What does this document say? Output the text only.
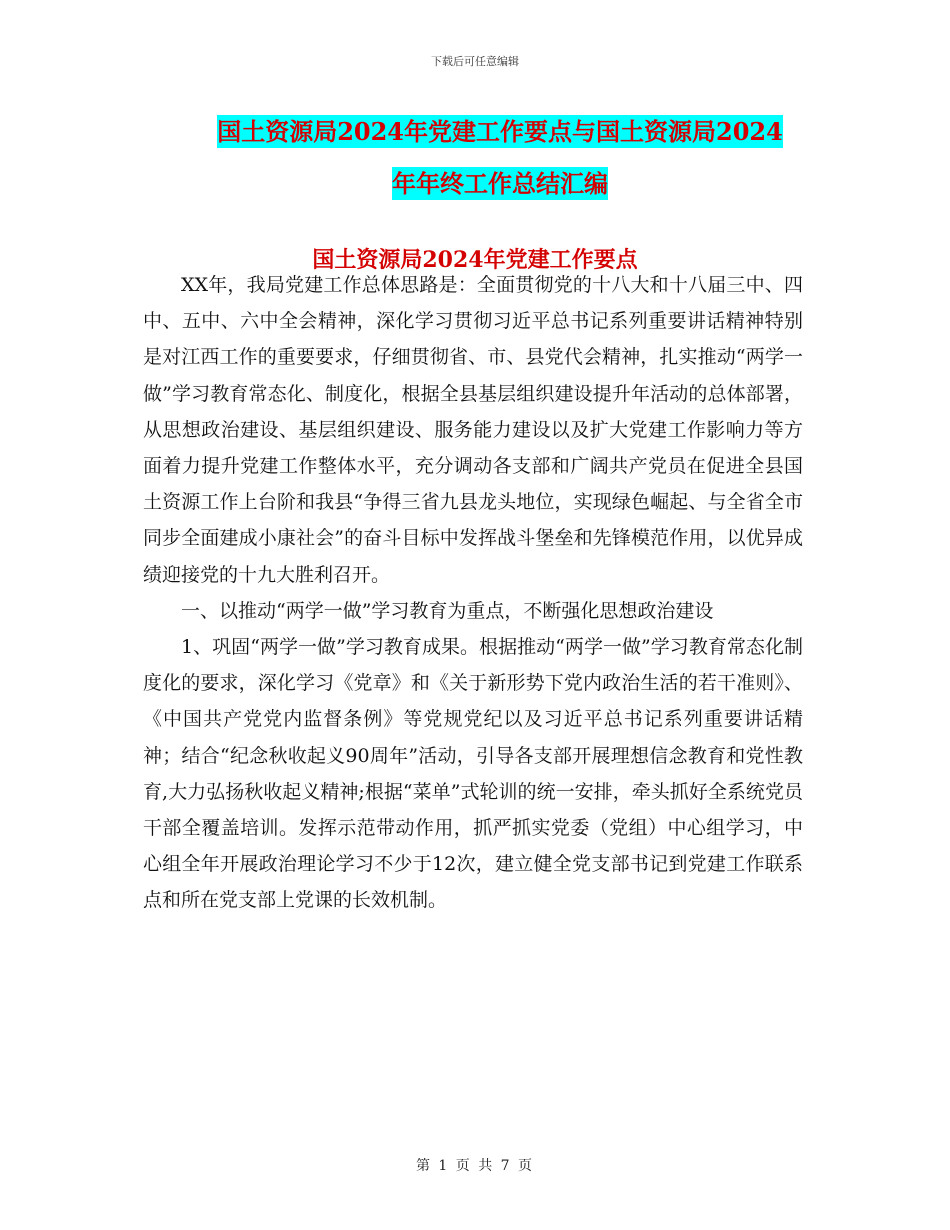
下载后可任意编辑
国土资源局2024年党建工作要点与国土资源局2024
年年终工作总结汇编
国土资源局2024年党建工作要点

XX年，我局党建工作总体思路是：全面贯彻党的十八大和十八届三中、四中、五中、六中全会精神，深化学习贯彻习近平总书记系列重要讲话精神特别是对江西工作的重要要求，仔细贯彻省、市、县党代会精神，扎实推动“两学一做”学习教育常态化、制度化，根据全县基层组织建设提升年活动的总体部署，从思想政治建设、基层组织建设、服务能力建设以及扩大党建工作影响力等方面着力提升党建工作整体水平，充分调动各支部和广阔共产党员在促进全县国土资源工作上台阶和我县“争得三省九县龙头地位，实现绿色崛起、与全省全市同步全面建成小康社会”的奋斗目标中发挥战斗堡垒和先锋模范作用，以优异成绩迎接党的十九大胜利召开。

一、以推动“两学一做”学习教育为重点，不断强化思想政治建设

1、巩固“两学一做”学习教育成果。根据推动“两学一做”学习教育常态化制度化的要求，深化学习《党章》和《关于新形势下党内政治生活的若干准则》、《中国共产党党内监督条例》等党规党纪以及习近平总书记系列重要讲话精神；结合“纪念秋收起义90周年”活动，引导各支部开展理想信念教育和党性教育,大力弘扬秋收起义精神;根据“菜单”式轮训的统一安排，牵头抓好全系统党员干部全覆盖培训。发挥示范带动作用，抓严抓实党委（党组）中心组学习，中心组全年开展政治理论学习不少于12次，建立健全党支部书记到党建工作联系点和所在党支部上党课的长效机制。

第 1 页 共 7 页
